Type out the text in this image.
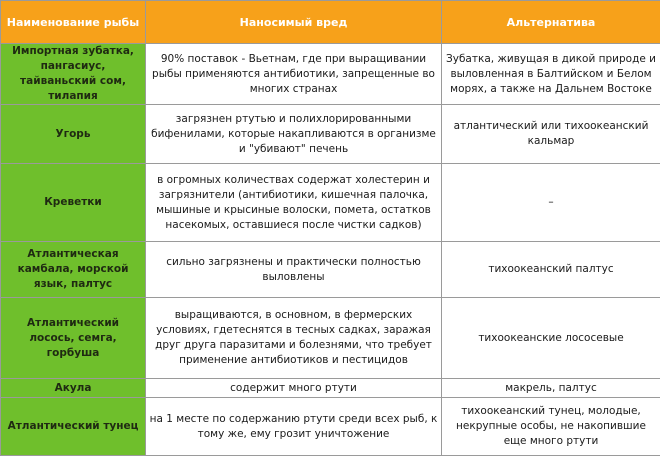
Наименование рыбы	Наносимый вред	Альтернатива
Импортная зубатка, пангасиус, тайваньский сом, тилапия	90% поставок - Вьетнам, где при выращивании рыбы применяются антибиотики, запрещенные во многих странах	Зубатка, живущая в дикой природе и выловленная в Балтийском и Белом морях, а также на Дальнем Востоке
Угорь	загрязнен ртутью и полихлорированными бифенилами, которые накапливаются в организме и "убивают" печень	атлантический или тихоокеанский кальмар
Креветки	в огромных количествах содержат холестерин и загрязнители (антибиотики, кишечная палочка, мышиные и крысиные волоски, помета, остатков насекомых, оставшиеся после чистки садков)	–
Атлантическая камбала, морской язык, палтус	сильно загрязнены и практически полностью выловлены	тихоокеанский палтус
Атлантический лосось, семга, горбуша	выращиваются, в основном, в фермерских условиях, гдетеснятся в тесных садках, заражая друг друга паразитами и болезнями, что требует применение антибиотиков и пестицидов	тихоокеанские лососевые
Акула	содержит много ртути	макрель, палтус
Атлантический тунец	на 1 месте по содержанию ртути среди всех рыб, к тому же, ему грозит уничтожение	тихоокеанский тунец, молодые, некрупные особы, не накопившие еще много ртути
